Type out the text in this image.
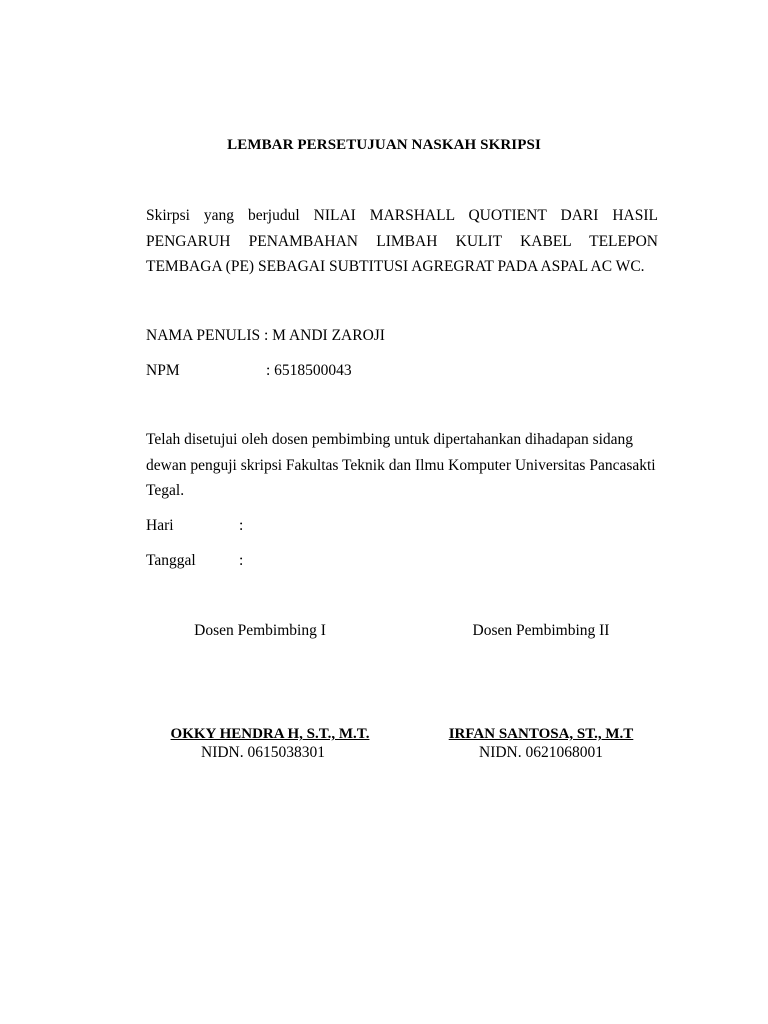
LEMBAR PERSETUJUAN NASKAH SKRIPSI
Skirpsi yang berjudul NILAI MARSHALL QUOTIENT DARI HASIL
PENGARUH PENAMBAHAN LIMBAH KULIT KABEL TELEPON
TEMBAGA (PE) SEBAGAI SUBTITUSI AGREGRAT PADA ASPAL AC WC.
NAMA PENULIS : M ANDI ZAROJI
NPM	: 6518500043
Telah disetujui oleh dosen pembimbing untuk dipertahankan dihadapan sidang
dewan penguji skripsi Fakultas Teknik dan Ilmu Komputer Universitas Pancasakti
Tegal.
Hari	:
Tanggal	:
Dosen Pembimbing I	Dosen Pembimbing II
OKKY HENDRA H, S.T., M.T.	IRFAN SANTOSA, ST., M.T
NIDN. 0615038301	NIDN. 0621068001
